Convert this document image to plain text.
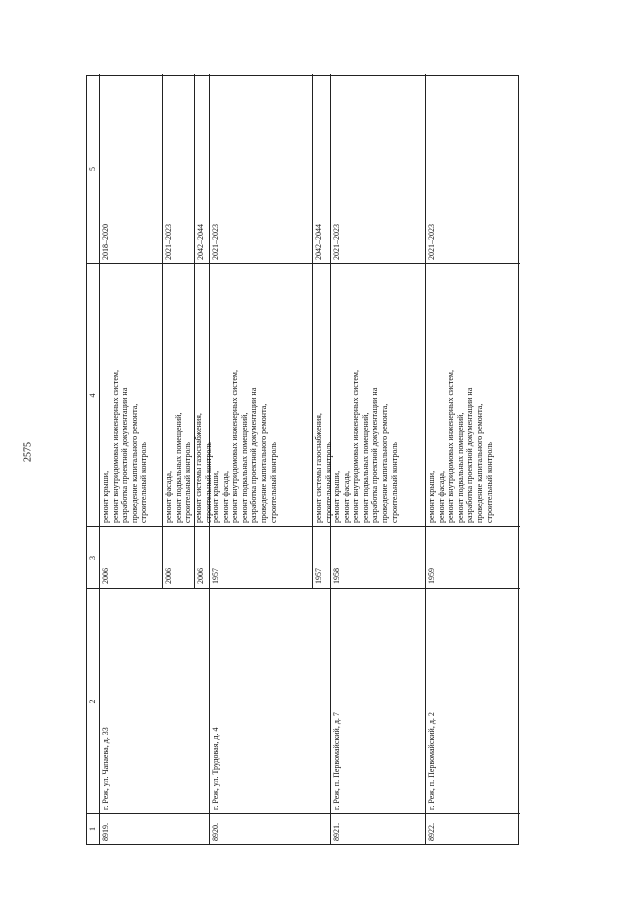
2575
1
2
3
4
5
8919.
г. Реж, ул. Чапаева, д. 33
2006
ремонт крыши,
ремонт внутридомовых инженерных систем,
разработка проектной документации на
проведение капитального ремонта,
строительный контроль
2018–2020
2006
ремонт фасада,
ремонт подвальных помещений,
строительный контроль
2021–2023
2006
ремонт системы газоснабжения,
строительный контроль
2042–2044
8920.
г. Реж, ул. Трудовая, д. 4
1957
ремонт крыши,
ремонт фасада,
ремонт внутридомовых инженерных систем,
ремонт подвальных помещений,
разработка проектной документации на
проведение капитального ремонта,
строительный контроль
2021–2023
1957
ремонт системы газоснабжения,
строительный контроль
2042–2044
8921.
г. Реж, п. Первомайский, д. 7
1958
ремонт крыши,
ремонт фасада,
ремонт внутридомовых инженерных систем,
ремонт подвальных помещений,
разработка проектной документации на
проведение капитального ремонта,
строительный контроль
2021–2023
8922.
г. Реж, п. Первомайский, д. 2
1959
ремонт крыши,
ремонт фасада,
ремонт внутридомовых инженерных систем,
ремонт подвальных помещений,
разработка проектной документации на
проведение капитального ремонта,
строительный контроль
2021–2023
